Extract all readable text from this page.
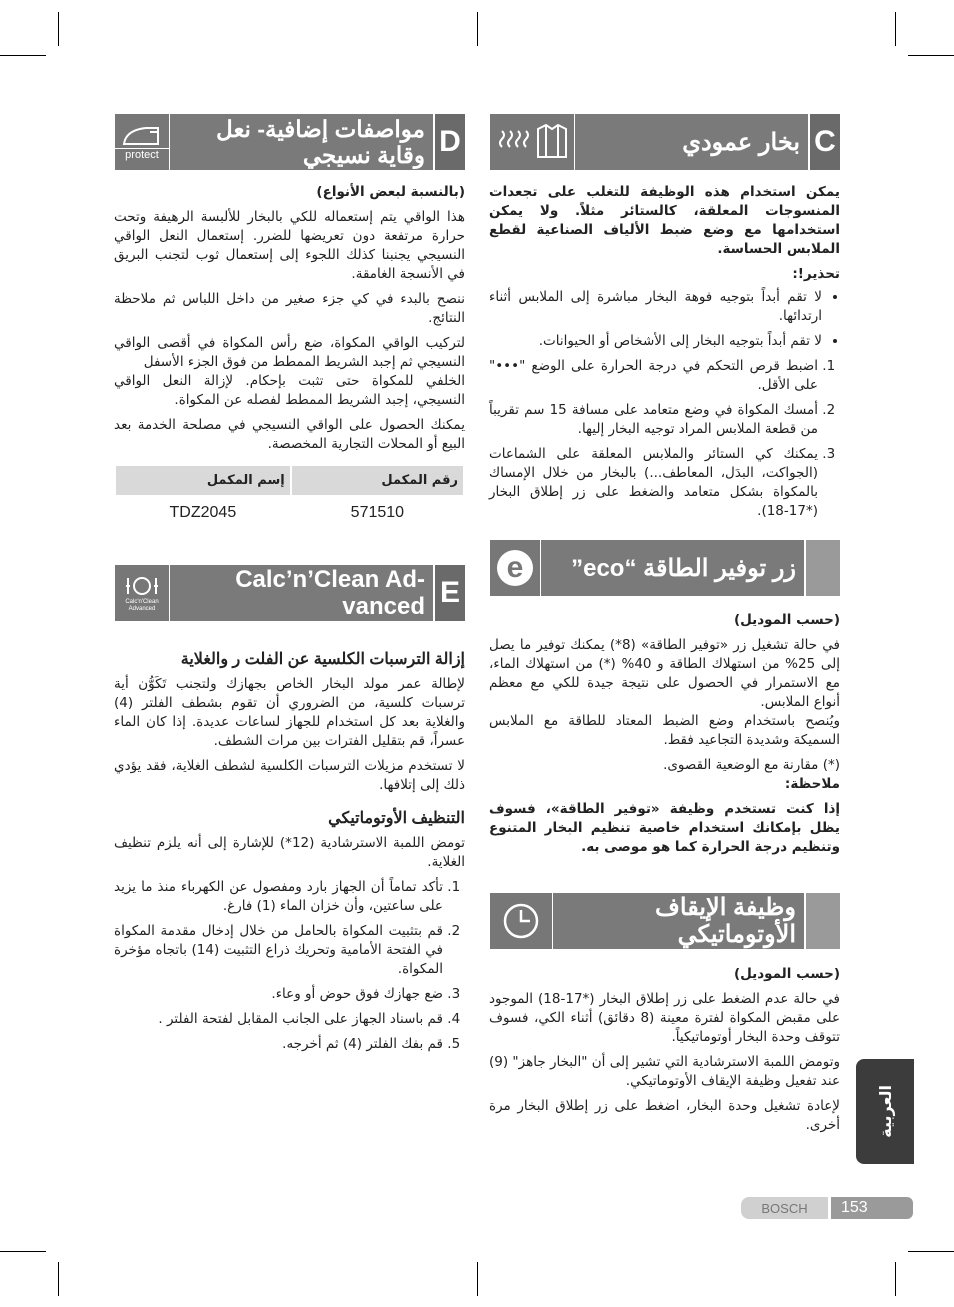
بخار عمودي C

يمكن استخدام هذه الوظيفة للتغلب على تجعدات المنسوجات المعلقة، كالستائر مثلاً. ولا يمكن استخدامها مع وضع ضبط الألياف الصناعية لقطع الملابس الحساسة.

تحذير!:

• لا تقم أبداً بتوجيه فوهة البخار مباشرة إلى الملابس أثناء ارتدائها.
• لا تقم أبداً بتوجيه البخار إلى الأشخاص أو الحيوانات.
1. اضبط قرص التحكم في درجة الحرارة على الوضع "•••" على الأقل.
2. أمسك المكواة في وضع متعامد على مسافة 15 سم تقريباً من قطعة الملابس المراد توجيه البخار إليها.
3. يمكنك كي الستائر والملابس المعلقة على الشماعات (الجواكت، البدَل، المعاطف...) بالبخار من خلال الإمساك بالمكواة بشكل متعامد والضغط على زر إطلاق البخار (*17-18).
e	زر توفير الطاقة “eco”

(حسب الموديل)

في حالة تشغيل زر «توفير الطاقة» (8*) يمكنك توفير ما يصل إلى 25% من استهلاك الطاقة و 40% (*) من استهلاك الماء، مع الاستمرار في الحصول على نتيجة جيدة للكي مع معظم أنواع الملابس.

ويُنصح باستخدام وضع الضبط المعتاد للطاقة مع الملابس السميكة وشديدة التجاعيد فقط.

(*) مقارنة مع الوضعية القصوى.

ملاحظة:

إذا كنت تستخدم وظيفة «توفير الطاقة»، فسوف يظل بإمكانك استخدام خاصية تنظيم البخار المتنوع وتنظيم درجة الحرارة كما هو موصى به.

وظيفة الإيقاف الأوتوماتيكي

(حسب الموديل)

في حالة عدم الضغط على زر إطلاق البخار (*17-18) الموجود على مقبض المكواة لفترة معينة (8 دقائق) أثناء الكي، فسوف تتوقف وحدة البخار أوتوماتيكياً.

وتومض اللمبة الاسترشادية التي تشير إلى أن "البخار جاهز" (9) عند تفعيل وظيفة الإيقاف الأوتوماتيكي.

لإعادة تشغيل وحدة البخار، اضغط على زر إطلاق البخار مرة أخرى.

protect
مواصفات إضافية- نعل وقاية نسيجي D

(بالنسبة لبعض الأنواع)

هذا الواقي يتم إستعماله للكي بالبخار للألبسة الرهيفة وتحت حرارة مرتفعة دون تعريضها للضرر. إستعمال النعل الواقي النسيجي يجنبنا كذلك اللجوء إلى إستعمال ثوب لتجنب البريق في الأنسجة الغامقة.

ننصح بالبدء في كي جزء صغير من داخل اللباس ثم ملاحظة النتائج.

لتركيب الواقي المكواة، ضع رأس المكواة في أقصى الواقي النسيجي ثم إجبد الشريط الممطط من فوق الجزء الأسفل

الخلفي للمكواة حتى تثبت بإحكام. لإزالة النعل الواقي النسيجي، إجبد الشريط الممطط لفصله عن المكواة.

يمكنك الحصول على الواقي النسيجي في مصلحة الخدمة بعد البيع أو المحلات التجارية المخصصة.

رقم المكمل	إسم المكمل
571510	TDZ2045
Calc'n'Clean Advanced
Calc’n’Clean Ad-vanced E
إزالة الترسبات الكلسية عن الفلت ر والغلاية

لإطالة عمر مولد البخار الخاص بجهازك ولتجنب تَكَوُّن أية ترسبات كلسية، من الضروري أن تقوم بشطف الفلتر (4) والغلاية بعد كل استخدام للجهاز لساعات عديدة. إذا كان الماء عسراً، قم بتقليل الفترات بين مرات الشطف.

لا تستخدم مزيلات الترسبات الكلسية لشطف الغلاية، فقد يؤدي ذلك إلى إتلافها.

التنظيف الأوتوماتيكي

تومض اللمبة الاسترشادية (12*) للإشارة إلى أنه يلزم تنظيف الغلاية.

1. تأكد تماماً أن الجهاز بارد ومفصول عن الكهرباء منذ ما يزيد على ساعتين، وأن خزان الماء (1) فارغ.
2. قم بتثبيت المكواة بالحامل من خلال إدخال مقدمة المكواة في الفتحة الأمامية وتحريك ذراع التثبيت (14) باتجاه مؤخرة المكواة.
3. ضع جهازك فوق حوض أو وعاء.
4. قم باسناد الجهاز على الجانب المقابل لفتحة الفلتر .
5. قم بفك الفلتر (4) ثم أخرجه.
العربية
BOSCH	153
